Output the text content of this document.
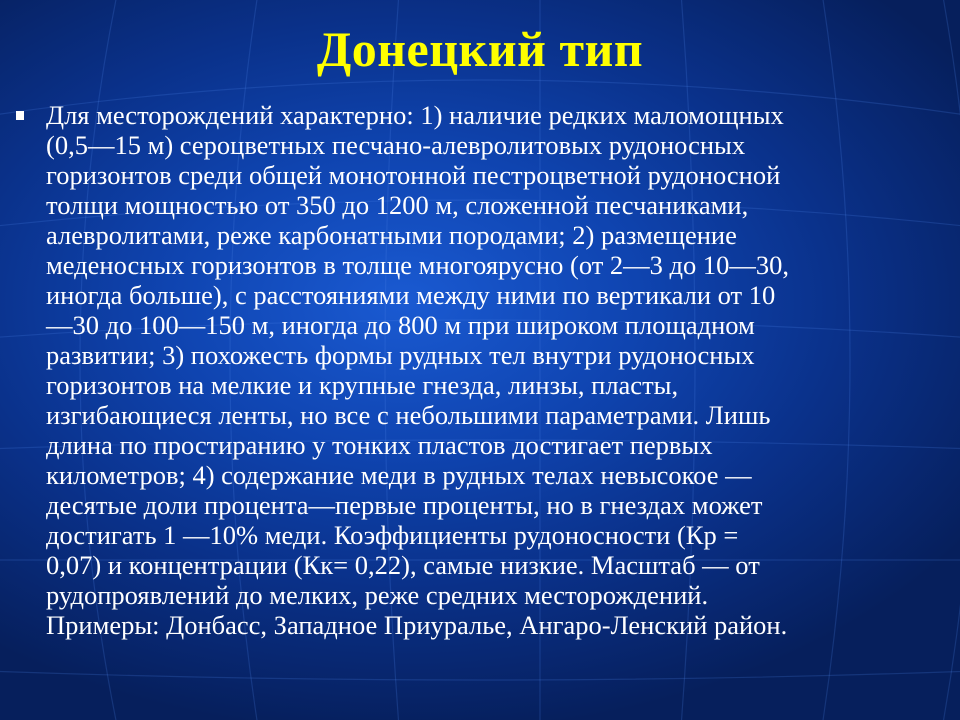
Донецкий тип
Для месторождений характерно: 1) наличие редких маломощных
(0,5—15 м) сероцветных песчано-алевролитовых рудоносных
горизонтов среди общей монотонной пестроцветной рудоносной
толщи мощностью от 350 до 1200 м, сложенной песчаниками,
алевролитами, реже карбонатными породами; 2) размещение
меденосных горизонтов в толще многоярусно (от 2—3 до 10—30,
иногда больше), с расстояниями между ними по вертикали от 10
—30 до 100—150 м, иногда до 800 м при широком площадном
развитии; 3) похожесть формы рудных тел внутри рудоносных
горизонтов на мелкие и крупные гнезда, линзы, пласты,
изгибающиеся ленты, но все с небольшими параметрами. Лишь
длина по простиранию у тонких пластов достигает первых
километров; 4) содержание меди в рудных телах невысокое —
десятые доли процента—первые проценты, но в гнездах может
достигать 1 —10% меди. Коэффициенты рудоносности (Кр =
0,07) и концентрации (Кк= 0,22), самые низкие. Масштаб — от
рудопроявлений до мелких, реже средних месторождений.
Примеры: Донбасс, Западное Приуралье, Ангаро-Ленский район.
